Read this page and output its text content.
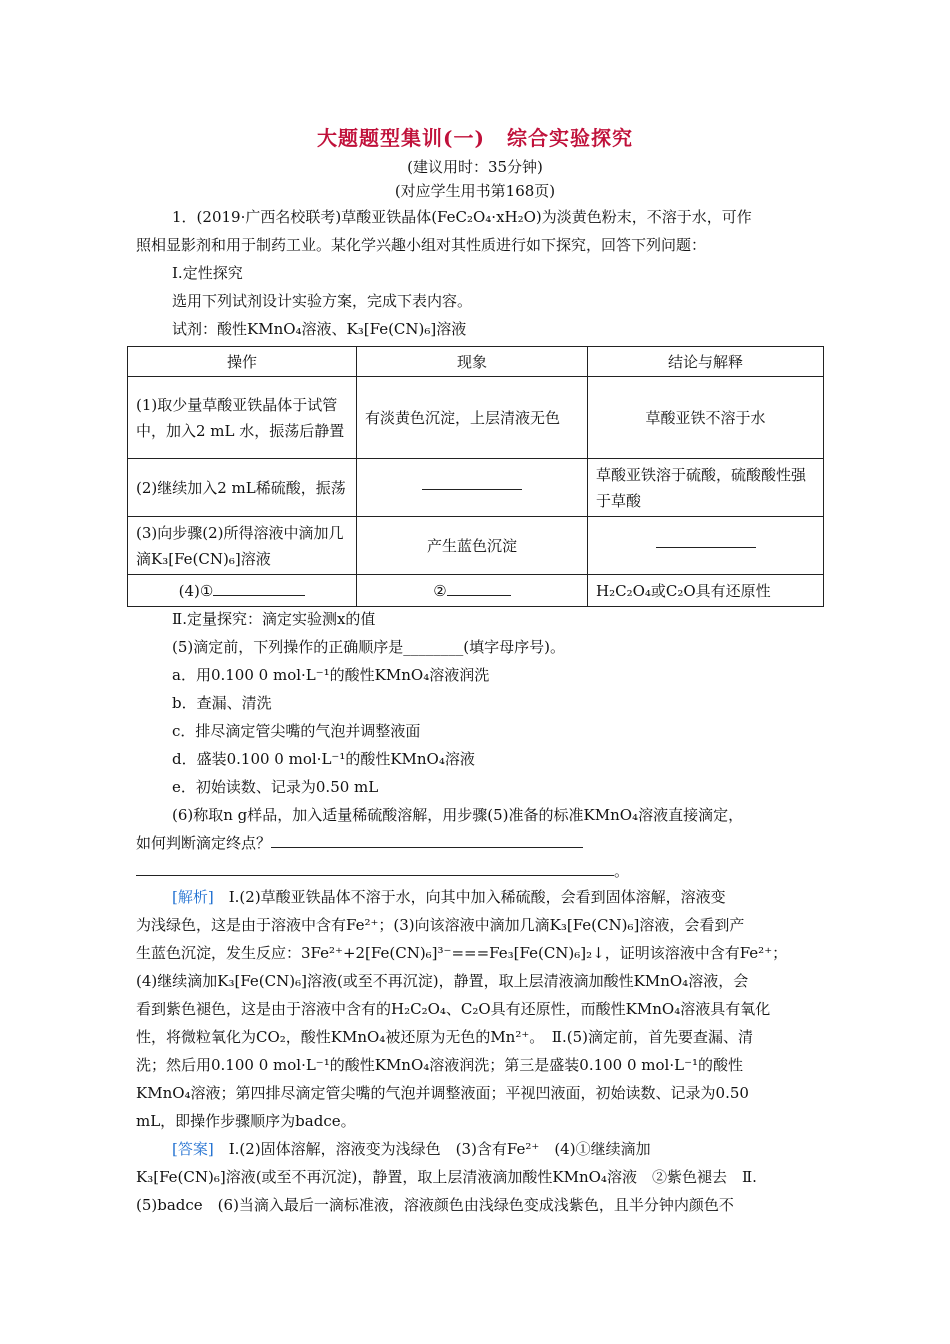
大题题型集训(一) 综合实验探究
(建议用时：35分钟)
(对应学生用书第168页)
1．(2019·广西名校联考)草酸亚铁晶体(FeC₂O₄·xH₂O)为淡黄色粉末，不溶于水，可作
照相显影剂和用于制药工业。某化学兴趣小组对其性质进行如下探究，回答下列问题：
Ⅰ.定性探究
选用下列试剂设计实验方案，完成下表内容。
试剂：酸性KMnO₄溶液、K₃[Fe(CN)₆]溶液
操作	现象	结论与解释
(1)取少量草酸亚铁晶体于试管中，加入2 mL 水，振荡后静置	有淡黄色沉淀，上层清液无色	草酸亚铁不溶于水
(2)继续加入2 mL稀硫酸，振荡		草酸亚铁溶于硫酸，硫酸酸性强于草酸
(3)向步骤(2)所得溶液中滴加几滴K₃[Fe(CN)₆]溶液	产生蓝色沉淀	
(4)①	②	H₂C₂O₄或C₂O具有还原性
Ⅱ.定量探究：滴定实验测x的值
(5)滴定前，下列操作的正确顺序是________(填字母序号)。
a．用0.100 0 mol·L⁻¹的酸性KMnO₄溶液润洗
b．查漏、清洗
c．排尽滴定管尖嘴的气泡并调整液面
d．盛装0.100 0 mol·L⁻¹的酸性KMnO₄溶液
e．初始读数、记录为0.50 mL
(6)称取n g样品，加入适量稀硫酸溶解，用步骤(5)准备的标准KMnO₄溶液直接滴定，
如何判断滴定终点？
。
[解析]　 Ⅰ.(2)草酸亚铁晶体不溶于水，向其中加入稀硫酸，会看到固体溶解，溶液变
为浅绿色，这是由于溶液中含有Fe²⁺；(3)向该溶液中滴加几滴K₃[Fe(CN)₆]溶液，会看到产
生蓝色沉淀，发生反应：3Fe²⁺+2[Fe(CN)₆]³⁻===Fe₃[Fe(CN)₆]₂↓，证明该溶液中含有Fe²⁺；
(4)继续滴加K₃[Fe(CN)₆]溶液(或至不再沉淀)，静置，取上层清液滴加酸性KMnO₄溶液，会
看到紫色褪色，这是由于溶液中含有的H₂C₂O₄、C₂O具有还原性，而酸性KMnO₄溶液具有氧化
性，将微粒氧化为CO₂，酸性KMnO₄被还原为无色的Mn²⁺。　Ⅱ.(5)滴定前，首先要查漏、清
洗；然后用0.100 0 mol·L⁻¹的酸性KMnO₄溶液润洗；第三是盛装0.100 0 mol·L⁻¹的酸性
KMnO₄溶液；第四排尽滴定管尖嘴的气泡并调整液面；平视凹液面，初始读数、记录为0.50
mL，即操作步骤顺序为badce。
[答案]　 Ⅰ.(2)固体溶解，溶液变为浅绿色　(3)含有Fe²⁺　(4)①继续滴加
K₃[Fe(CN)₆]溶液(或至不再沉淀)，静置，取上层清液滴加酸性KMnO₄溶液　②紫色褪去　Ⅱ.
(5)badce　(6)当滴入最后一滴标准液，溶液颜色由浅绿色变成浅紫色，且半分钟内颜色不
